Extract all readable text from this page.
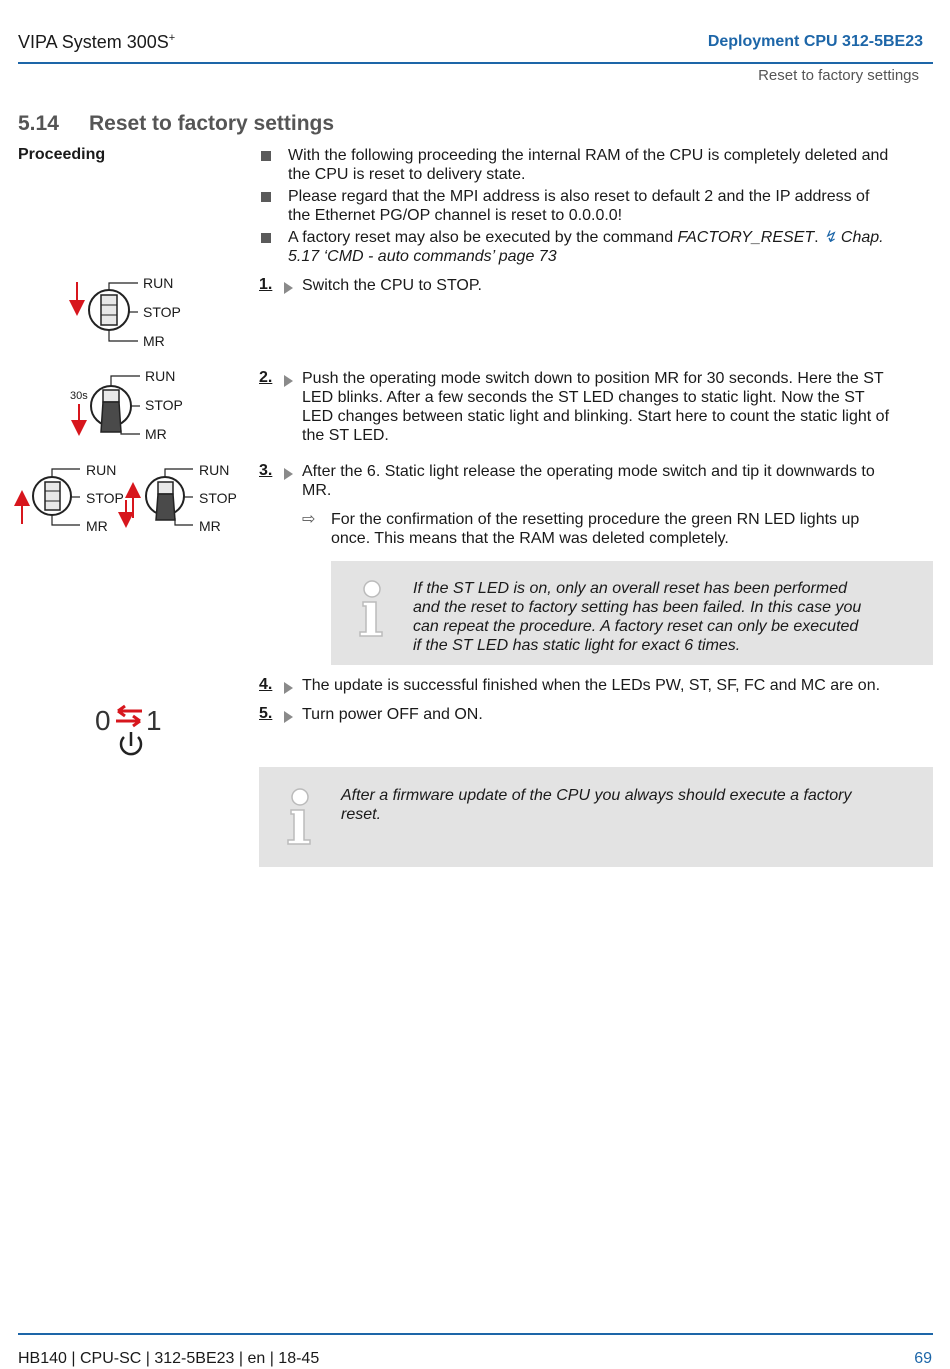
VIPA System 300S+	Deployment CPU 312-5BE23
Reset to factory settings
5.14 Reset to factory settings
Proceeding	With the following proceeding the internal RAM of the CPU is completely deleted and
the CPU is reset to delivery state.
Please regard that the MPI address is also reset to default 2 and the IP address of
the Ethernet PG/OP channel is reset to 0.0.0.0!
A factory reset may also be executed by the command FACTORY_RESET. ↯ Chap.
5.17 ‘CMD - auto commands’ page 73
1. Switch the CPU to STOP.
2. Push the operating mode switch down to position MR for 30 seconds. Here the ST
LED blinks. After a few seconds the ST LED changes to static light. Now the ST
LED changes between static light and blinking. Start here to count the static light of
the ST LED.
3. After the 6. Static light release the operating mode switch and tip it downwards to
MR.
⇨ For the confirmation of the resetting procedure the green RN LED lights up
once. This means that the RAM was deleted completely.
If the ST LED is on, only an overall reset has been performed
and the reset to factory setting has been failed. In this case you
can repeat the procedure. A factory reset can only be executed
if the ST LED has static light for exact 6 times.
4. The update is successful finished when the LEDs PW, ST, SF, FC and MC are on.
5. Turn power OFF and ON.
After a firmware update of the CPU you always should execute a factory
reset.
RUN
STOP
MR
30s
RUN
STOP
MR
RUN
STOP
MR
RUN
STOP
MR
0 1
HB140 | CPU-SC | 312-5BE23 | en | 18-45	69
